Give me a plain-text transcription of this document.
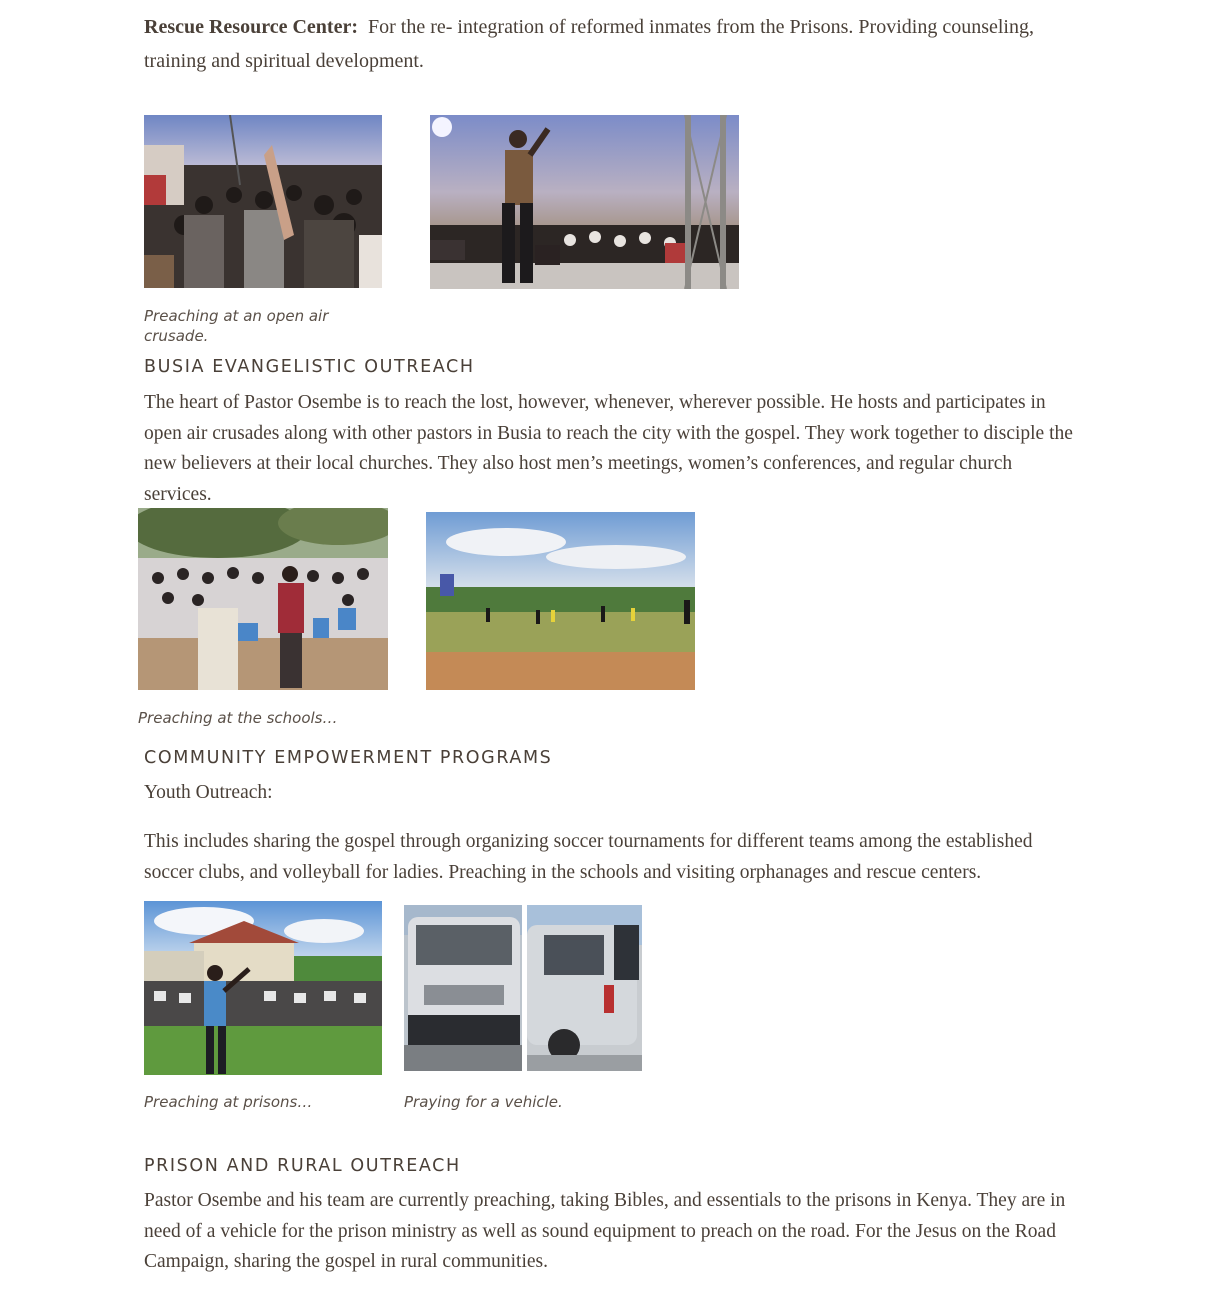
Rescue Resource Center: For the re- integration of reformed inmates from the Prisons. Providing counseling, training and spiritual development.
Preaching at an open air crusade.
BUSIA EVANGELISTIC OUTREACH
The heart of Pastor Osembe is to reach the lost, however, whenever, wherever possible. He hosts and participates in open air crusades along with other pastors in Busia to reach the city with the gospel. They work together to disciple the new believers at their local churches. They also host men’s meetings, women’s conferences, and regular church services.
Preaching at the schools…
COMMUNITY EMPOWERMENT PROGRAMS
Youth Outreach:
This includes sharing the gospel through organizing soccer tournaments for different teams among the established soccer clubs, and volleyball for ladies. Preaching in the schools and visiting orphanages and rescue centers.
Preaching at prisons…	Praying for a vehicle.
PRISON AND RURAL OUTREACH
Pastor Osembe and his team are currently preaching, taking Bibles, and essentials to the prisons in Kenya. They are in need of a vehicle for the prison ministry as well as sound equipment to preach on the road. For the Jesus on the Road Campaign, sharing the gospel in rural communities.
